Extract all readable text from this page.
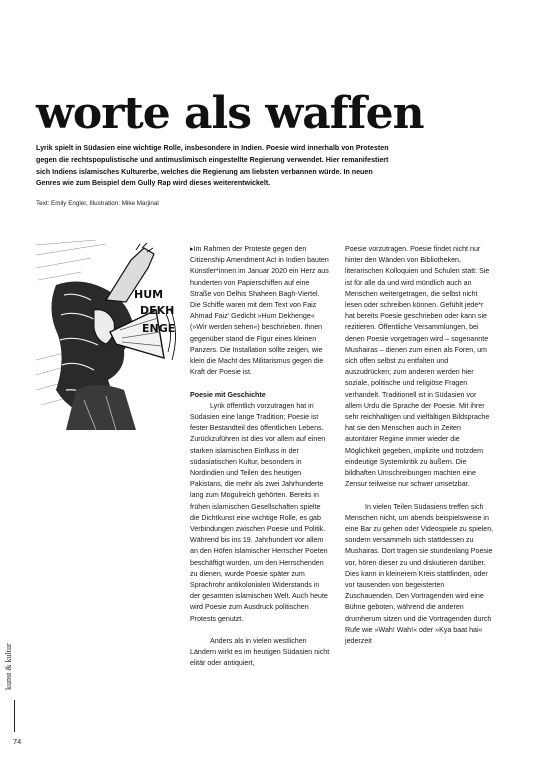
worte als waffen

Lyrik spielt in Südasien eine wichtige Rolle, insbesondere in Indien. Poesie wird innerhalb von Protesten gegen die rechtspopulistische und antimuslimisch eingestellte Regierung verwendet. Hier remanifestiert sich Indiens islamisches Kulturerbe, welches die Regierung am liebsten verbannen würde. In neuen Genres wie zum Beispiel dem Gully Rap wird dieses weiterentwickelt.

Text: Emily Engler, Illustration: Mike Marjinal

HUM
DEKH
ENGE

▸Im Rahmen der Proteste gegen den Citizenship Amendment Act in Indien bauten Künstler*innen im Januar 2020 ein Herz aus hunderten von Papierschiffen auf eine Straße von Delhis Shaheen Bagh-Viertel. Die Schiffe waren mit dem Text von Faiz Ahmad Faiz' Gedicht »Hum Dekhenge« (»Wir werden sehen«) beschrieben. Ihnen gegenüber stand die Figur eines kleinen Panzers. Die Installation sollte zeigen, wie klein die Macht des Militarismus gegen die Kraft der Poesie ist.

Poesie mit Geschichte

Lyrik öffentlich vorzutragen hat in Südasien eine lange Tradition; Poesie ist fester Bestandteil des öffentlichen Lebens. Zurückzuführen ist dies vor allem auf einen starken islamischen Einfluss in der südasiatischen Kultur, besonders in Nordindien und Teilen des heutigen Pakistans, die mehr als zwei Jahrhunderte lang zum Mogulreich gehörten. Bereits in frühen islamischen Gesellschaften spielte die Dichtkunst eine wichtige Rolle, es gab Verbindungen zwischen Poesie und Politik. Während bis ins 19. Jahrhundert vor allem an den Höfen islamischer Herrscher Poeten beschäftigt wurden, um den Herrschenden zu dienen, wurde Poesie später zum Sprachrohr antikolonialen Widerstands in der gesamten islamischen Welt. Auch heute wird Poesie zum Ausdruck politischen Protests genutzt.

Anders als in vielen westlichen Ländern wirkt es im heutigen Südasien nicht elitär oder antiquiert,

Poesie vorzutragen. Poesie findet nicht nur hinter den Wänden von Bibliotheken, literarischen Kolloquien und Schulen statt: Sie ist für alle da und wird mündlich auch an Menschen weitergetragen, die selbst nicht lesen oder schreiben können. Gefühlt jede*r hat bereits Poesie geschrieben oder kann sie rezitieren. Öffentliche Versammlungen, bei denen Poesie vorgetragen wird – sogenannte Mushairas – dienen zum einen als Foren, um sich offen selbst zu entfalten und auszudrücken; zum anderen werden hier soziale, politische und religiöse Fragen verhandelt. Traditionell ist in Südasien vor allem Urdu die Sprache der Poesie. Mit ihrer sehr reichhaltigen und vielfältigen Bildsprache hat sie den Menschen auch in Zeiten autoritärer Regime immer wieder die Möglichkeit gegeben, implizite und trotzdem eindeutige Systemkritik zu äußern. Die bildhaften Umschreibungen machten eine Zensur teilweise nur schwer umsetzbar.

In vielen Teilen Südasiens treffen sich Menschen nicht, um abends beispielsweise in eine Bar zu gehen oder Videospiele zu spielen, sondern versammeln sich stattdessen zu Mushairas. Dort tragen sie stundenlang Poesie vor, hören dieser zu und diskutieren darüber. Dies kann in kleinerem Kreis stattfinden, oder vor tausenden von begeisterten Zuschauenden. Den Vortragenden wird eine Bühne geboten, während die anderen drumherum sitzen und die Vortragenden durch Rufe wie »Wah! Wah!« oder »Kya baat hai« jederzeit

kunst & kultur
74
